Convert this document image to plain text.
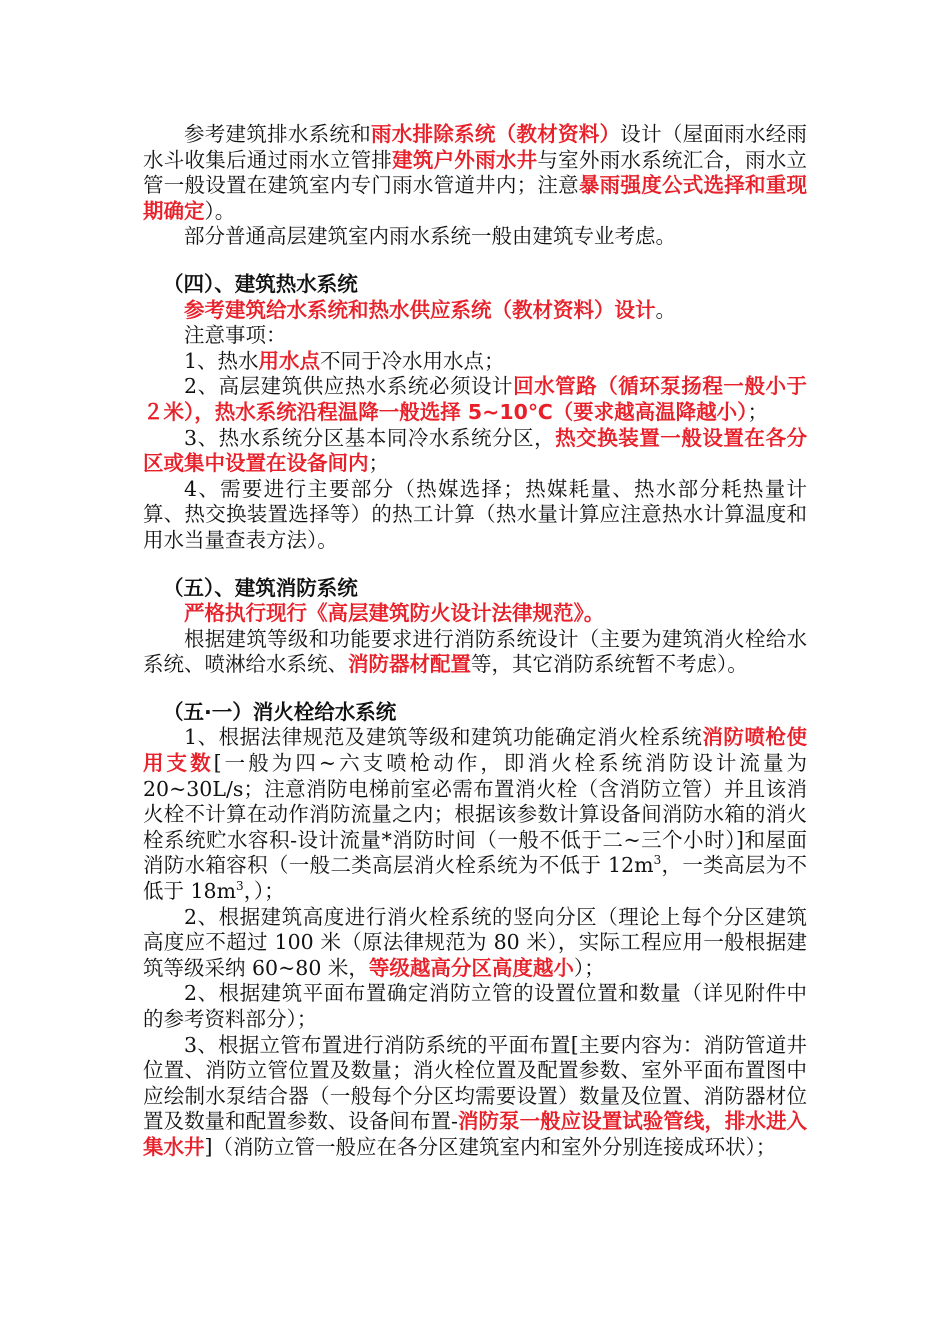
参考建筑排水系统和雨水排除系统（教材资料）设计（屋面雨水经雨水斗收集后通过雨水立管排建筑户外雨水井与室外雨水系统汇合，雨水立管一般设置在建筑室内专门雨水管道井内；注意暴雨强度公式选择和重现期确定）。

部分普通高层建筑室内雨水系统一般由建筑专业考虑。

（四）、建筑热水系统

参考建筑给水系统和热水供应系统（教材资料）设计。

注意事项：

1、热水用水点不同于冷水用水点；

2、高层建筑供应热水系统必须设计回水管路（循环泵扬程一般小于２米），热水系统沿程温降一般选择 5~10℃（要求越高温降越小）；

3、热水系统分区基本同冷水系统分区，热交换装置一般设置在各分区或集中设置在设备间内；

4、需要进行主要部分（热媒选择；热媒耗量、热水部分耗热量计算、热交换装置选择等）的热工计算（热水量计算应注意热水计算温度和用水当量查表方法）。

（五）、建筑消防系统

严格执行现行《高层建筑防火设计法律规范》。

根据建筑等级和功能要求进行消防系统设计（主要为建筑消火栓给水系统、喷淋给水系统、消防器材配置等，其它消防系统暂不考虑）。

（五·一）消火栓给水系统

1、根据法律规范及建筑等级和建筑功能确定消火栓系统消防喷枪使用支数[一般为四~六支喷枪动作，即消火栓系统消防设计流量为 20~30L/s；注意消防电梯前室必需布置消火栓（含消防立管）并且该消火栓不计算在动作消防流量之内；根据该参数计算设备间消防水箱的消火栓系统贮水容积-设计流量*消防时间（一般不低于二~三个小时）]和屋面消防水箱容积（一般二类高层消火栓系统为不低于 $12m^3$，一类高层为不低于 $18m^3$，）；

2、根据建筑高度进行消火栓系统的竖向分区（理论上每个分区建筑高度应不超过 100 米（原法律规范为 80 米），实际工程应用一般根据建筑等级采纳 60~80 米，等级越高分区高度越小）；

2、根据建筑平面布置确定消防立管的设置位置和数量（详见附件中的参考资料部分）；

3、根据立管布置进行消防系统的平面布置[主要内容为：消防管道井位置、消防立管位置及数量；消火栓位置及配置参数、室外平面布置图中应绘制水泵结合器（一般每个分区均需要设置）数量及位置、消防器材位置及数量和配置参数、设备间布置-消防泵一般应设置试验管线，排水进入集水井]（消防立管一般应在各分区建筑室内和室外分别连接成环状）；
